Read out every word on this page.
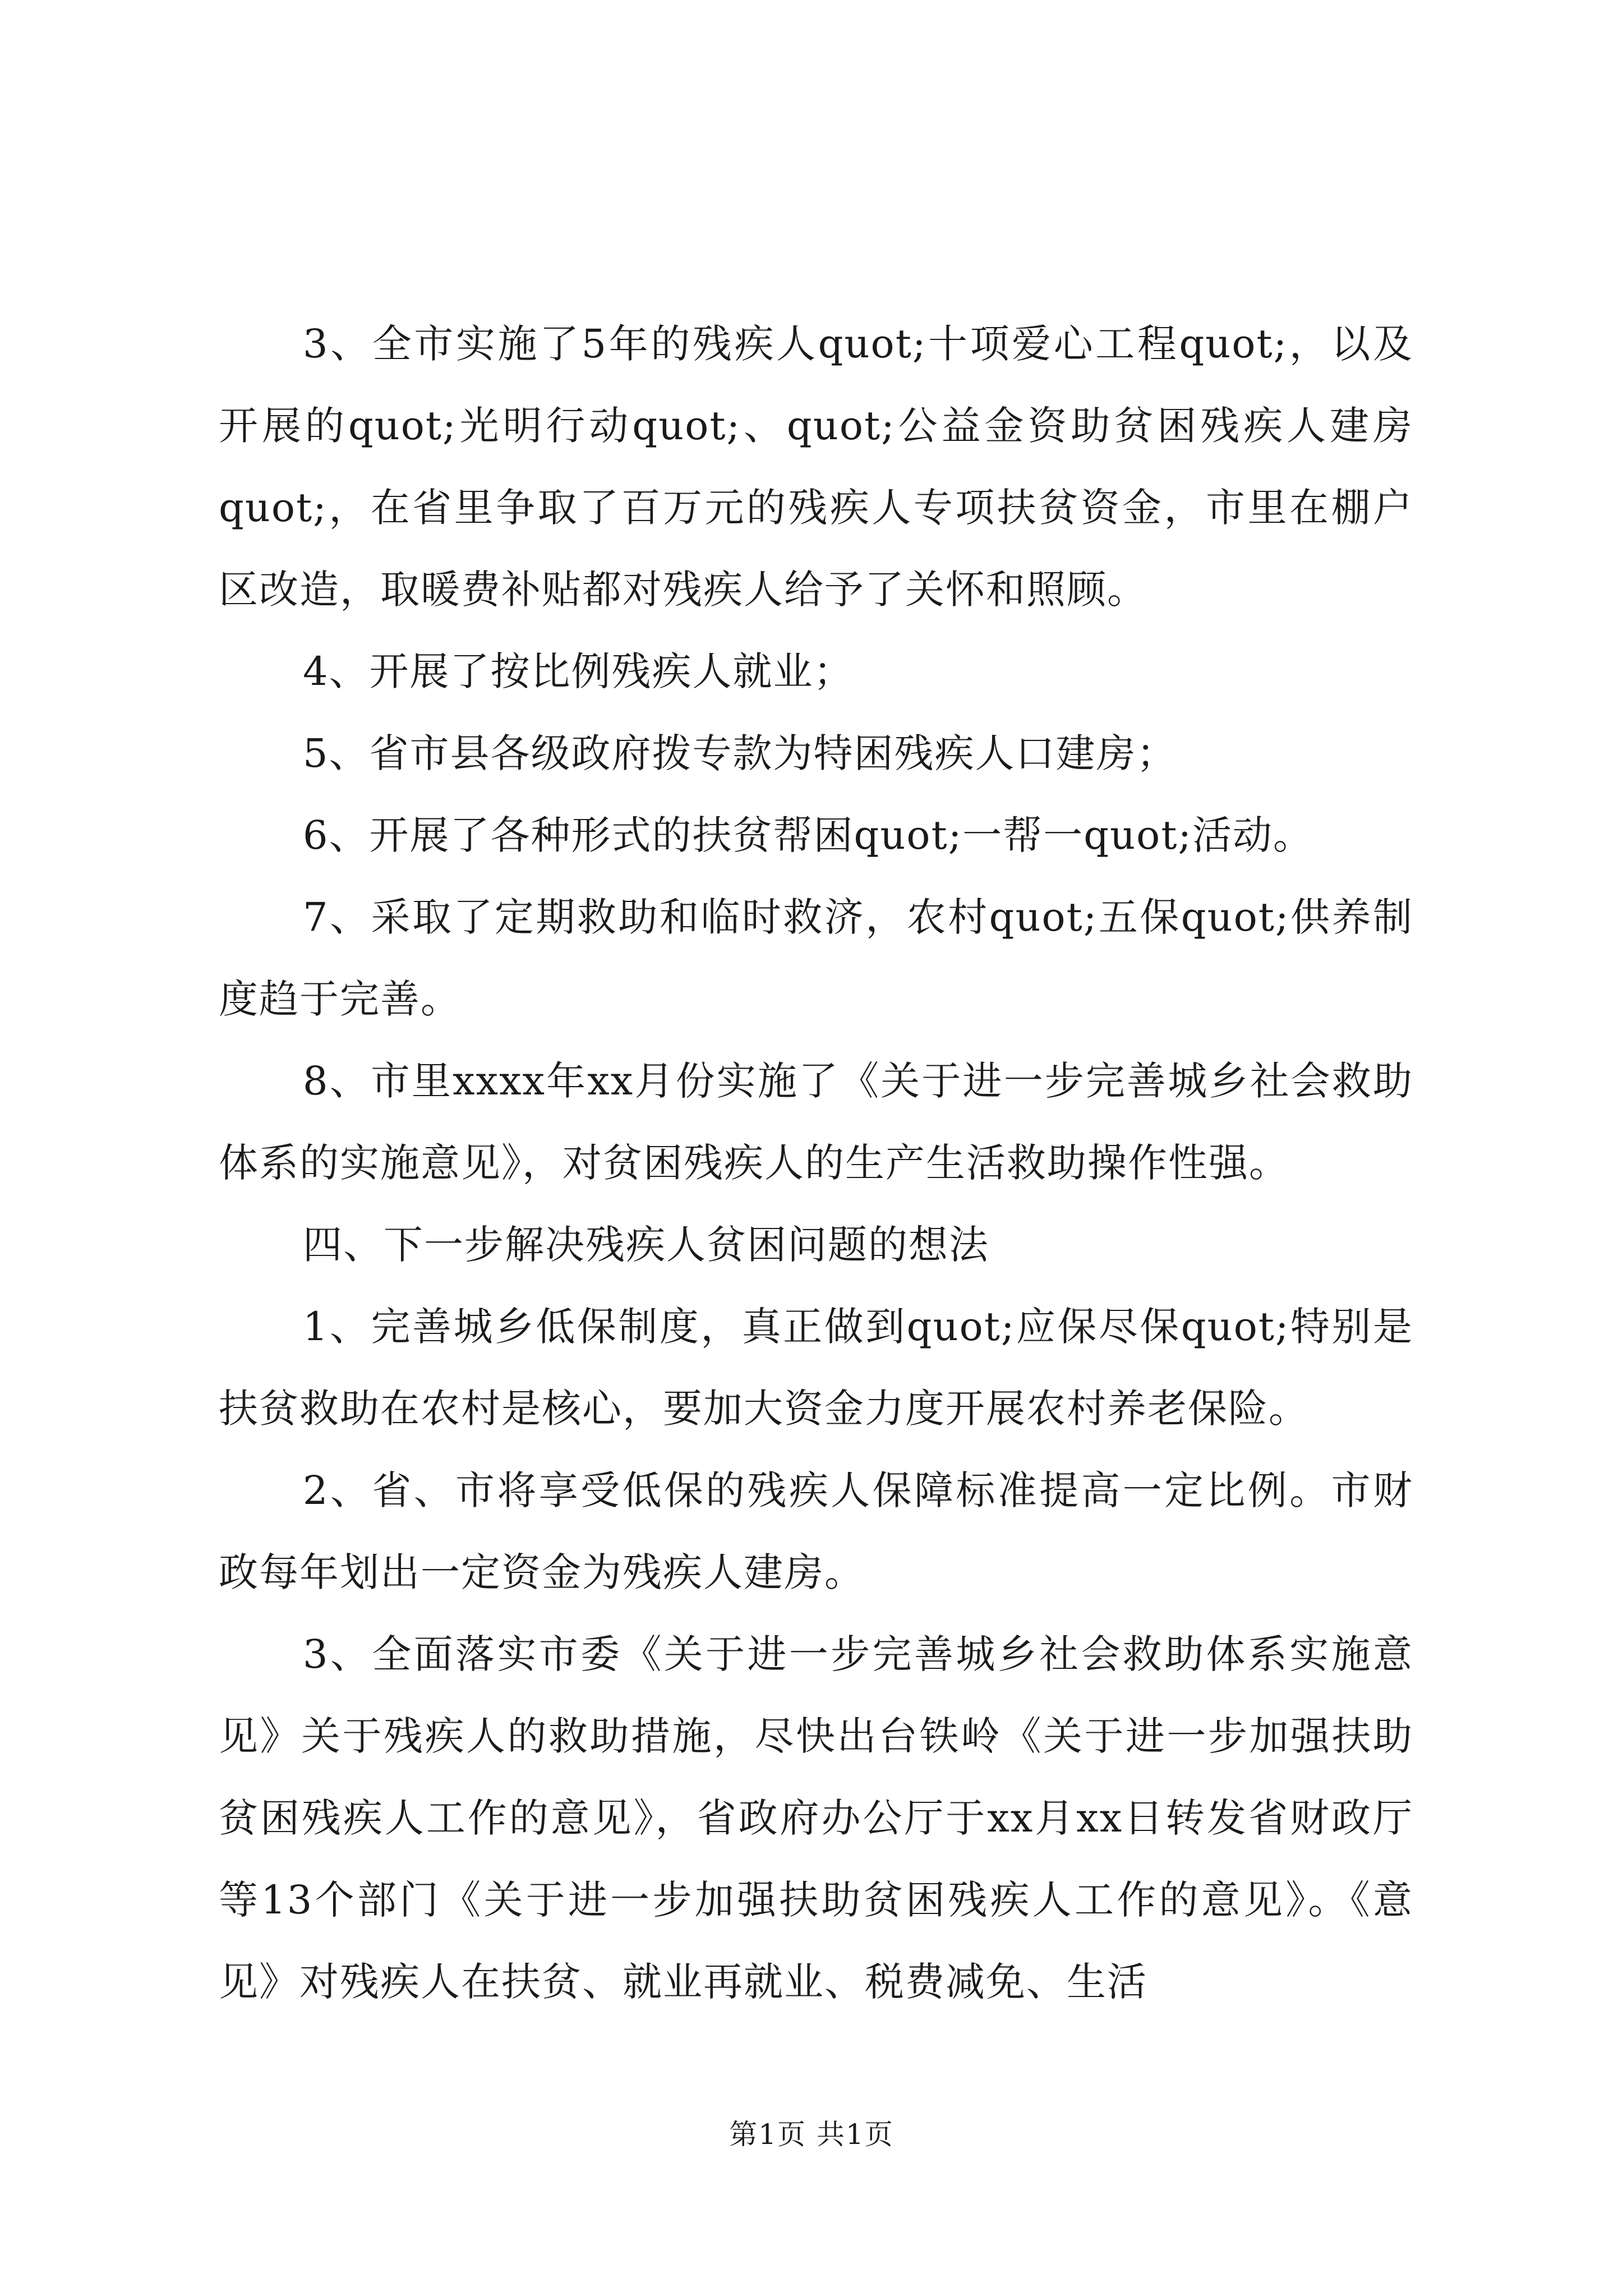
3、全市实施了5年的残疾人quot;十项爱心工程quot;，以及开展的quot;光明行动quot;、quot;公益金资助贫困残疾人建房quot;，在省里争取了百万元的残疾人专项扶贫资金，市里在棚户区改造，取暖费补贴都对残疾人给予了关怀和照顾。

4、开展了按比例残疾人就业；

5、省市县各级政府拨专款为特困残疾人口建房；

6、开展了各种形式的扶贫帮困quot;一帮一quot;活动。

7、采取了定期救助和临时救济，农村quot;五保quot;供养制度趋于完善。

8、市里xxxx年xx月份实施了《关于进一步完善城乡社会救助体系的实施意见》，对贫困残疾人的生产生活救助操作性强。

四、下一步解决残疾人贫困问题的想法

1、完善城乡低保制度，真正做到quot;应保尽保quot;特别是扶贫救助在农村是核心，要加大资金力度开展农村养老保险。

2、省、市将享受低保的残疾人保障标准提高一定比例。市财政每年划出一定资金为残疾人建房。

3、全面落实市委《关于进一步完善城乡社会救助体系实施意见》关于残疾人的救助措施，尽快出台铁岭《关于进一步加强扶助贫困残疾人工作的意见》，省政府办公厅于xx月xx日转发省财政厅等13个部门《关于进一步加强扶助贫困残疾人工作的意见》。《意见》对残疾人在扶贫、就业再就业、税费减免、生活

第1页 共1页
